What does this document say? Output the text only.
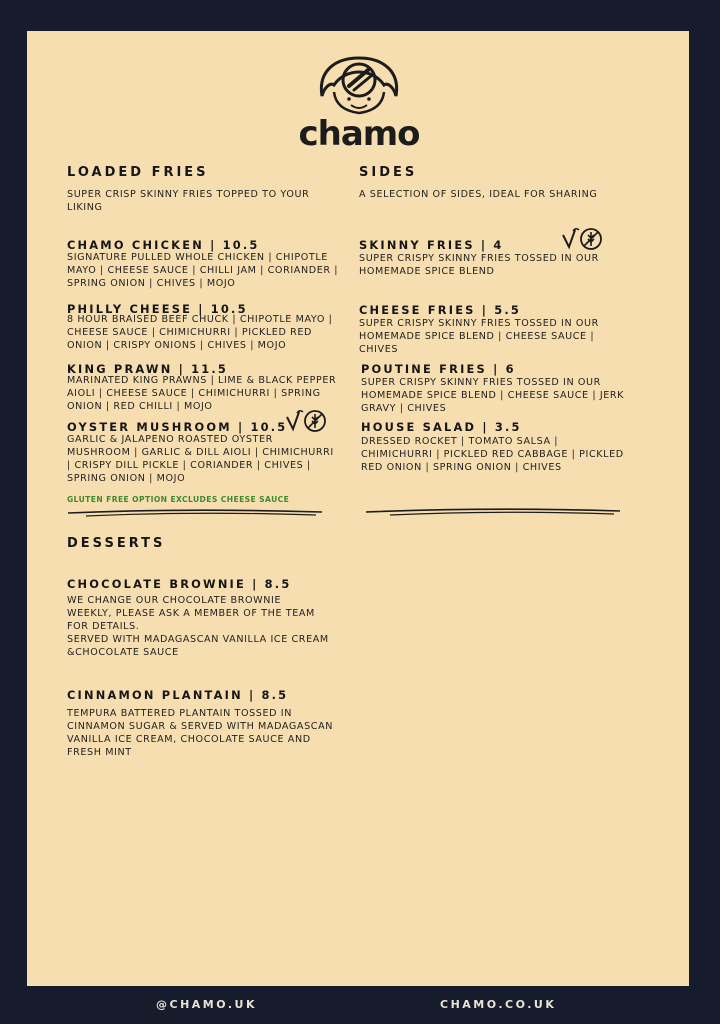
chamo
LOADED FRIES
SUPER CRISP SKINNY FRIES TOPPED TO YOUR LIKING
CHAMO CHICKEN | 10.5
SIGNATURE PULLED WHOLE CHICKEN | CHIPOTLE MAYO | CHEESE SAUCE | CHILLI JAM | CORIANDER | SPRING ONION | CHIVES | MOJO
PHILLY CHEESE | 10.5
8 HOUR BRAISED BEEF CHUCK | CHIPOTLE MAYO | CHEESE SAUCE | CHIMICHURRI | PICKLED RED ONION | CRISPY ONIONS | CHIVES | MOJO
KING PRAWN | 11.5
MARINATED KING PRAWNS | LIME & BLACK PEPPER AIOLI | CHEESE SAUCE | CHIMICHURRI | SPRING ONION | RED CHILLI | MOJO
OYSTER MUSHROOM | 10.5
GARLIC & JALAPENO ROASTED OYSTER MUSHROOM | GARLIC & DILL AIOLI | CHIMICHURRI | CRISPY DILL PICKLE | CORIANDER | CHIVES | SPRING ONION | MOJO
GLUTEN FREE OPTION EXCLUDES CHEESE SAUCE
SIDES
A SELECTION OF SIDES, IDEAL FOR SHARING
SKINNY FRIES | 4
SUPER CRISPY SKINNY FRIES TOSSED IN OUR HOMEMADE SPICE BLEND
CHEESE FRIES | 5.5
SUPER CRISPY SKINNY FRIES TOSSED IN OUR HOMEMADE SPICE BLEND | CHEESE SAUCE | CHIVES
POUTINE FRIES | 6
SUPER CRISPY SKINNY FRIES TOSSED IN OUR HOMEMADE SPICE BLEND | CHEESE SAUCE | JERK GRAVY | CHIVES
HOUSE SALAD | 3.5
DRESSED ROCKET | TOMATO SALSA | CHIMICHURRI | PICKLED RED CABBAGE | PICKLED RED ONION | SPRING ONION | CHIVES
DESSERTS
CHOCOLATE BROWNIE | 8.5
WE CHANGE OUR CHOCOLATE BROWNIE WEEKLY, PLEASE ASK A MEMBER OF THE TEAM FOR DETAILS.
SERVED WITH MADAGASCAN VANILLA ICE CREAM &CHOCOLATE SAUCE
CINNAMON PLANTAIN | 8.5
TEMPURA BATTERED PLANTAIN TOSSED IN CINNAMON SUGAR & SERVED WITH MADAGASCAN VANILLA ICE CREAM, CHOCOLATE SAUCE AND FRESH MINT
@CHAMO.UK	CHAMO.CO.UK
